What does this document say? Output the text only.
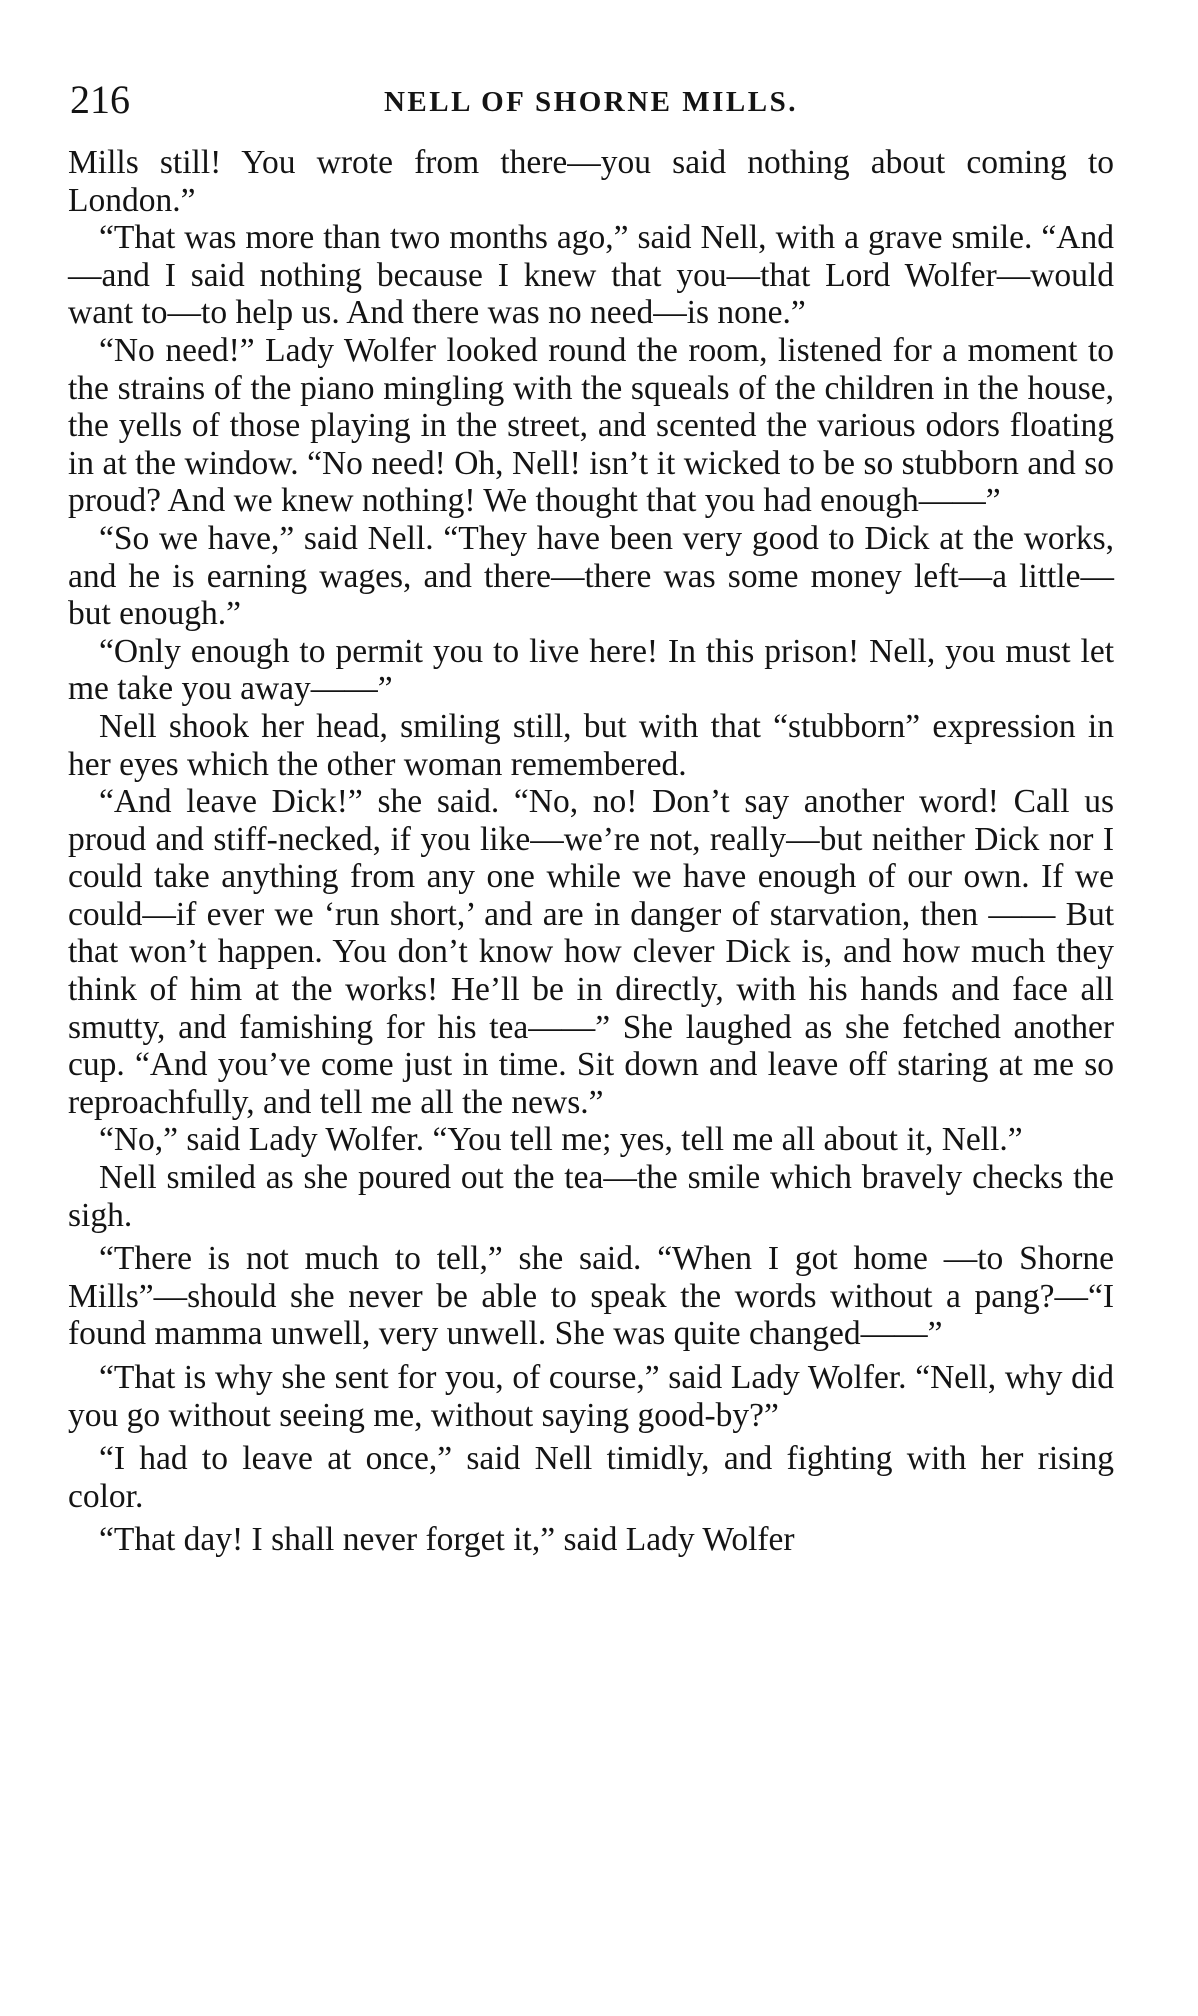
216	NELL OF SHORNE MILLS.

Mills still! You wrote from there—you said nothing about coming to London.”

“That was more than two months ago,” said Nell, with a grave smile. “And—and I said nothing because I knew that you—that Lord Wolfer—would want to—to help us. And there was no need—is none.”

“No need!” Lady Wolfer looked round the room, listened for a moment to the strains of the piano mingling with the squeals of the children in the house, the yells of those playing in the street, and scented the various odors floating in at the window. “No need! Oh, Nell! isn’t it wicked to be so stubborn and so proud? And we knew nothing! We thought that you had enough——”

“So we have,” said Nell. “They have been very good to Dick at the works, and he is earning wages, and there—there was some money left—a little—but enough.”

“Only enough to permit you to live here! In this prison! Nell, you must let me take you away——”

Nell shook her head, smiling still, but with that “stubborn” expression in her eyes which the other woman remembered.

“And leave Dick!” she said. “No, no! Don’t say another word! Call us proud and stiff-necked, if you like—we’re not, really—but neither Dick nor I could take anything from any one while we have enough of our own. If we could—if ever we ‘run short,’ and are in danger of starvation, then —— But that won’t happen. You don’t know how clever Dick is, and how much they think of him at the works! He’ll be in directly, with his hands and face all smutty, and famishing for his tea——” She laughed as she fetched another cup. “And you’ve come just in time. Sit down and leave off staring at me so reproachfully, and tell me all the news.”

“No,” said Lady Wolfer. “You tell me; yes, tell me all about it, Nell.”

Nell smiled as she poured out the tea—the smile which bravely checks the sigh.

“There is not much to tell,” she said. “When I got home —to Shorne Mills”—should she never be able to speak the words without a pang?—“I found mamma unwell, very unwell. She was quite changed——”

“That is why she sent for you, of course,” said Lady Wolfer. “Nell, why did you go without seeing me, without saying good-by?”

“I had to leave at once,” said Nell timidly, and fighting with her rising color.

“That day! I shall never forget it,” said Lady Wolfer
